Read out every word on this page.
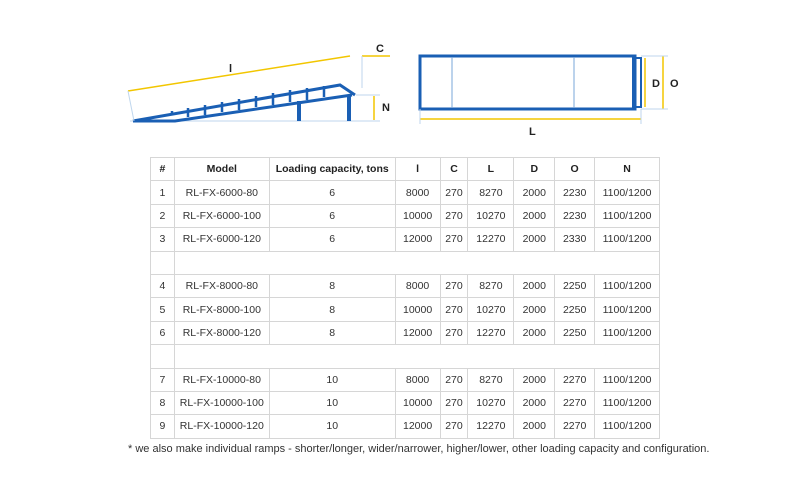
l
C
N
D O
L
#	Model	Loading capacity, tons	l	C	L	D	O	N
1	RL-FX-6000-80	6	8000	270	8270	2000	2230	1100/1200
2	RL-FX-6000-100	6	10000	270	10270	2000	2230	1100/1200
3	RL-FX-6000-120	6	12000	270	12270	2000	2330	1100/1200

4	RL-FX-8000-80	8	8000	270	8270	2000	2250	1100/1200
5	RL-FX-8000-100	8	10000	270	10270	2000	2250	1100/1200
6	RL-FX-8000-120	8	12000	270	12270	2000	2250	1100/1200

7	RL-FX-10000-80	10	8000	270	8270	2000	2270	1100/1200
8	RL-FX-10000-100	10	10000	270	10270	2000	2270	1100/1200
9	RL-FX-10000-120	10	12000	270	12270	2000	2270	1100/1200
* we also make individual ramps - shorter/longer, wider/narrower, higher/lower, other loading capacity and configuration.
